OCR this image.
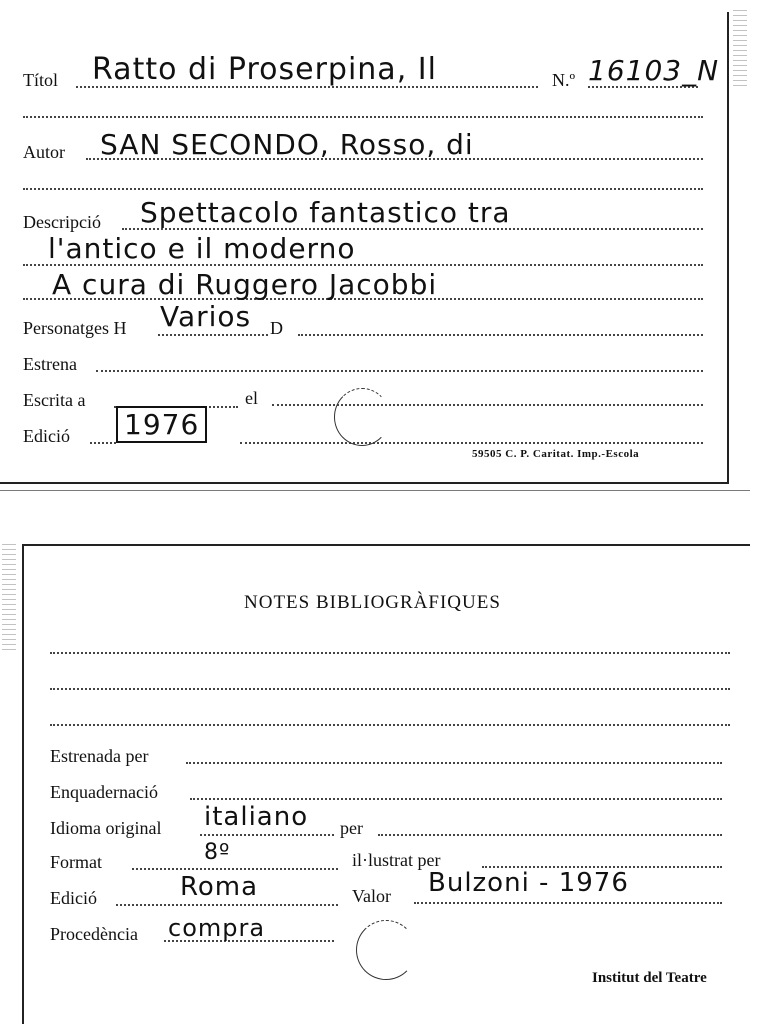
Títol Ratto di Proserpina, Il	N.º 16103_N
Autor SAN SECONDO, Rosso, di
Descripció Spettacolo fantastico tra
l'antico e il moderno
A cura di Ruggero Jacobbi
Personatges H Varios D
Estrena
Escrita a	el
Edició 1976
59505 C. P. Caritat. Imp.-Escola
NOTES BIBLIOGRÀFIQUES
Estrenada per
Enquadernació
Idioma original italiano per
Format	8º	il·lustrat per
Edició	Roma	Valor Bulzoni - 1976
Procedència compra
Institut del Teatre
